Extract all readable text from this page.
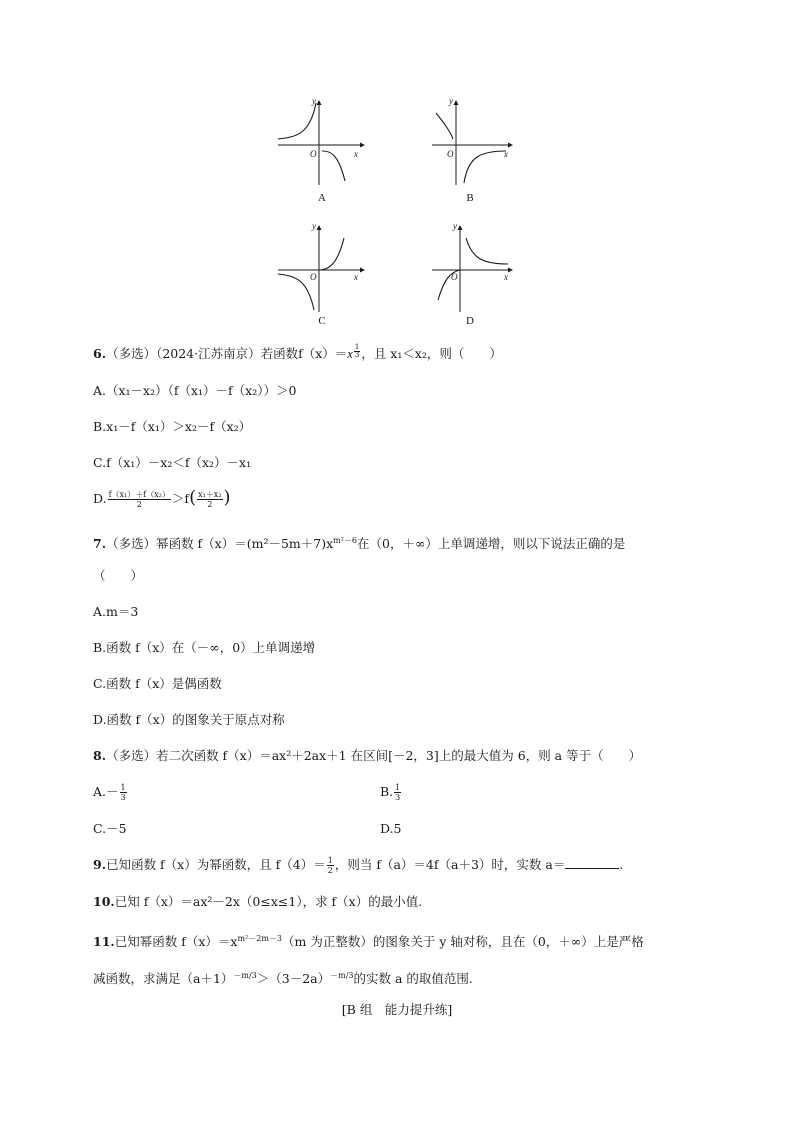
y
x
O
A
y
x
O
B
y
x
O
C
y
x
O
D
6.（多选）（2024·江苏南京）若函数$f(x)=x \frac{1}{3}$ ，且 x₁＜x₂，则（　　）
A.（x₁－x₂）（f（x₁）－f（x₂））＞0
B.x₁－f（x₁）＞x₂－f（x₂）
C.f（x₁）－x₂＜f（x₂）－x₁
D. $\frac{\text{f（x₁）＋f（x₂）}}{2} >f( \frac{\text{x₁＋x₂}}{2}$ )
7.（多选）幂函数 $f(x)=(m^2-5m+7)x^{m^2-6}$在（0，＋∞）上单调递增，则以下说法正确的是
（　　）
A.m＝3
B.函数 f（x）在（－∞，0）上单调递增
C.函数 f（x）是偶函数
D.函数 f（x）的图象关于原点对称
8.（多选）若二次函数 f（x）＝ax²＋2ax＋1 在区间[－2，3]上的最大值为 6，则 a 等于（　　）
$A.- \frac{1}{3}$	B. $\frac{1}{3}$
C.－5	D.5
9.已知函数 f（x）为幂函数，且 $f(4)= \frac{1}{2}$ ，则当 f（a）＝4f（a＋3）时，实数 a＝	.
10.已知 f（x）＝ax²－2x（0≤x≤1），求 f（x）的最小值.
11.已知幂函数 $f(x)=x^{m^2-2m-3}(m$ 为正整数）的图象关于 y 轴对称，且在（0，＋∞）上是严格
减函数，求满足$(a+1)^{-m/3}>(3-2a)^{-m/3}$的实数 a 的取值范围.
[B 组　能力提升练]
